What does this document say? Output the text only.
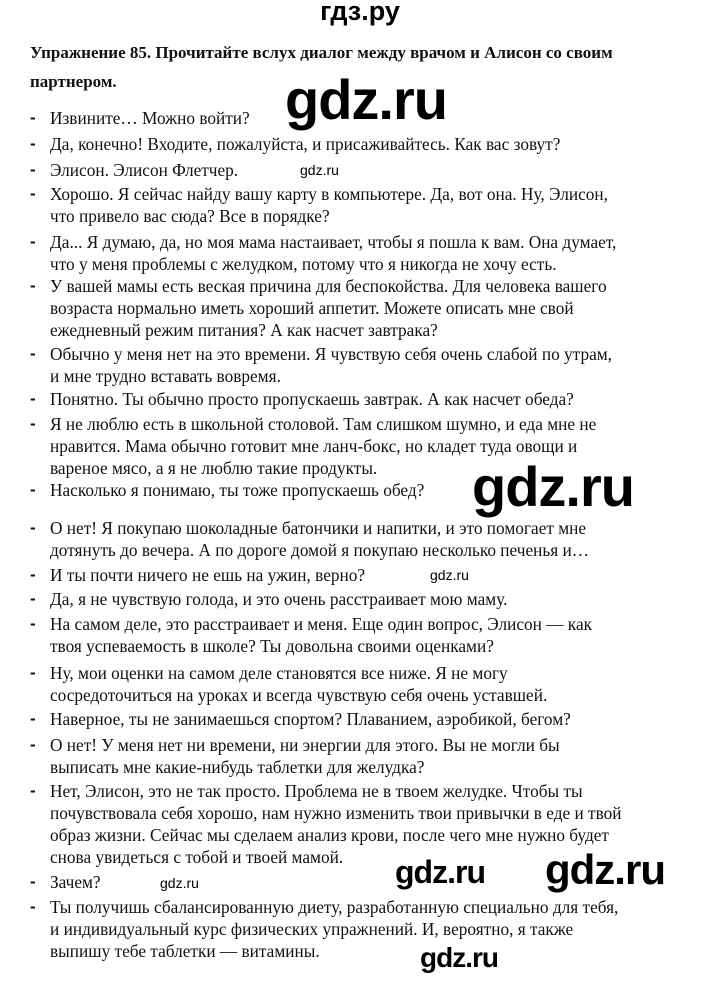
гдз.ру
Упражнение 85. Прочитайте вслух диалог между врачом и Алисон со своим партнером.
- Извините… Можно войти?
- Да, конечно! Входите, пожалуйста, и присаживайтесь. Как вас зовут?
- Элисон. Элисон Флетчер.
- Хорошо. Я сейчас найду вашу карту в компьютере. Да, вот она. Ну, Элисон,
что привело вас сюда? Все в порядке?
- Да... Я думаю, да, но моя мама настаивает, чтобы я пошла к вам. Она думает,
что у меня проблемы с желудком, потому что я никогда не хочу есть.
- У вашей мамы есть веская причина для беспокойства. Для человека вашего
возраста нормально иметь хороший аппетит. Можете описать мне свой
ежедневный режим питания? А как насчет завтрака?
- Обычно у меня нет на это времени. Я чувствую себя очень слабой по утрам,
и мне трудно вставать вовремя.
- Понятно. Ты обычно просто пропускаешь завтрак. А как насчет обеда?
- Я не люблю есть в школьной столовой. Там слишком шумно, и еда мне не
нравится. Мама обычно готовит мне ланч-бокс, но кладет туда овощи и
вареное мясо, а я не люблю такие продукты.
- Насколько я понимаю, ты тоже пропускаешь обед?
- О нет! Я покупаю шоколадные батончики и напитки, и это помогает мне
дотянуть до вечера. А по дороге домой я покупаю несколько печенья и…
- И ты почти ничего не ешь на ужин, верно?
- Да, я не чувствую голода, и это очень расстраивает мою маму.
- На самом деле, это расстраивает и меня. Еще один вопрос, Элисон — как
твоя успеваемость в школе? Ты довольна своими оценками?
- Ну, мои оценки на самом деле становятся все ниже. Я не могу
сосредоточиться на уроках и всегда чувствую себя очень уставшей.
- Наверное, ты не занимаешься спортом? Плаванием, аэробикой, бегом?
- О нет! У меня нет ни времени, ни энергии для этого. Вы не могли бы
выписать мне какие-нибудь таблетки для желудка?
- Нет, Элисон, это не так просто. Проблема не в твоем желудке. Чтобы ты
почувствовала себя хорошо, нам нужно изменить твои привычки в еде и твой
образ жизни. Сейчас мы сделаем анализ крови, после чего мне нужно будет
снова увидеться с тобой и твоей мамой.
- Зачем?
- Ты получишь сбалансированную диету, разработанную специально для тебя,
и индивидуальный курс физических упражнений. И, вероятно, я также
выпишу тебе таблетки — витамины.
gdz.ru
gdz.ru
gdz.ru
gdz.ru
gdz.ru
gdz.ru
gdz.ru
gdz.ru
